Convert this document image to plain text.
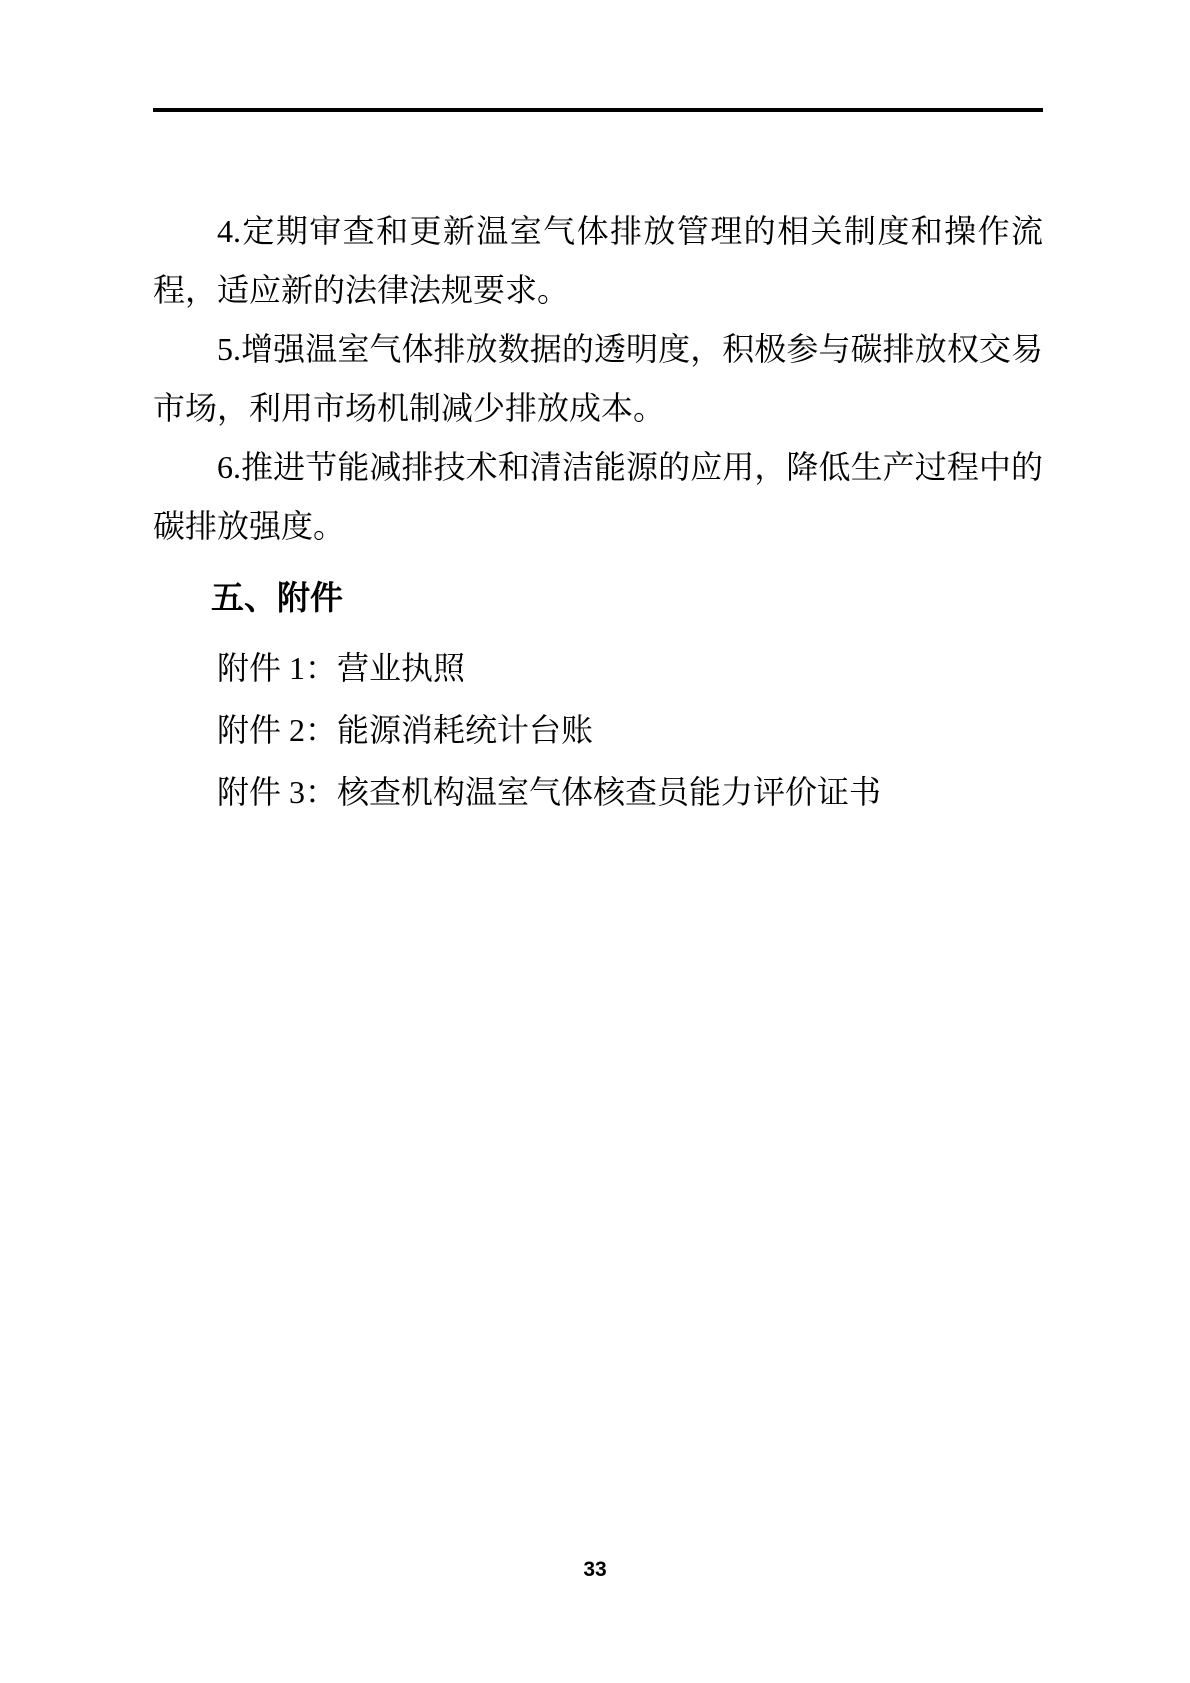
4.定期审查和更新温室气体排放管理的相关制度和操作流
程，适应新的法律法规要求。
5.增强温室气体排放数据的透明度，积极参与碳排放权交易
市场，利用市场机制减少排放成本。
6.推进节能减排技术和清洁能源的应用，降低生产过程中的
碳排放强度。
五、附件
附件 1：营业执照
附件 2：能源消耗统计台账
附件 3：核查机构温室气体核查员能力评价证书
33
